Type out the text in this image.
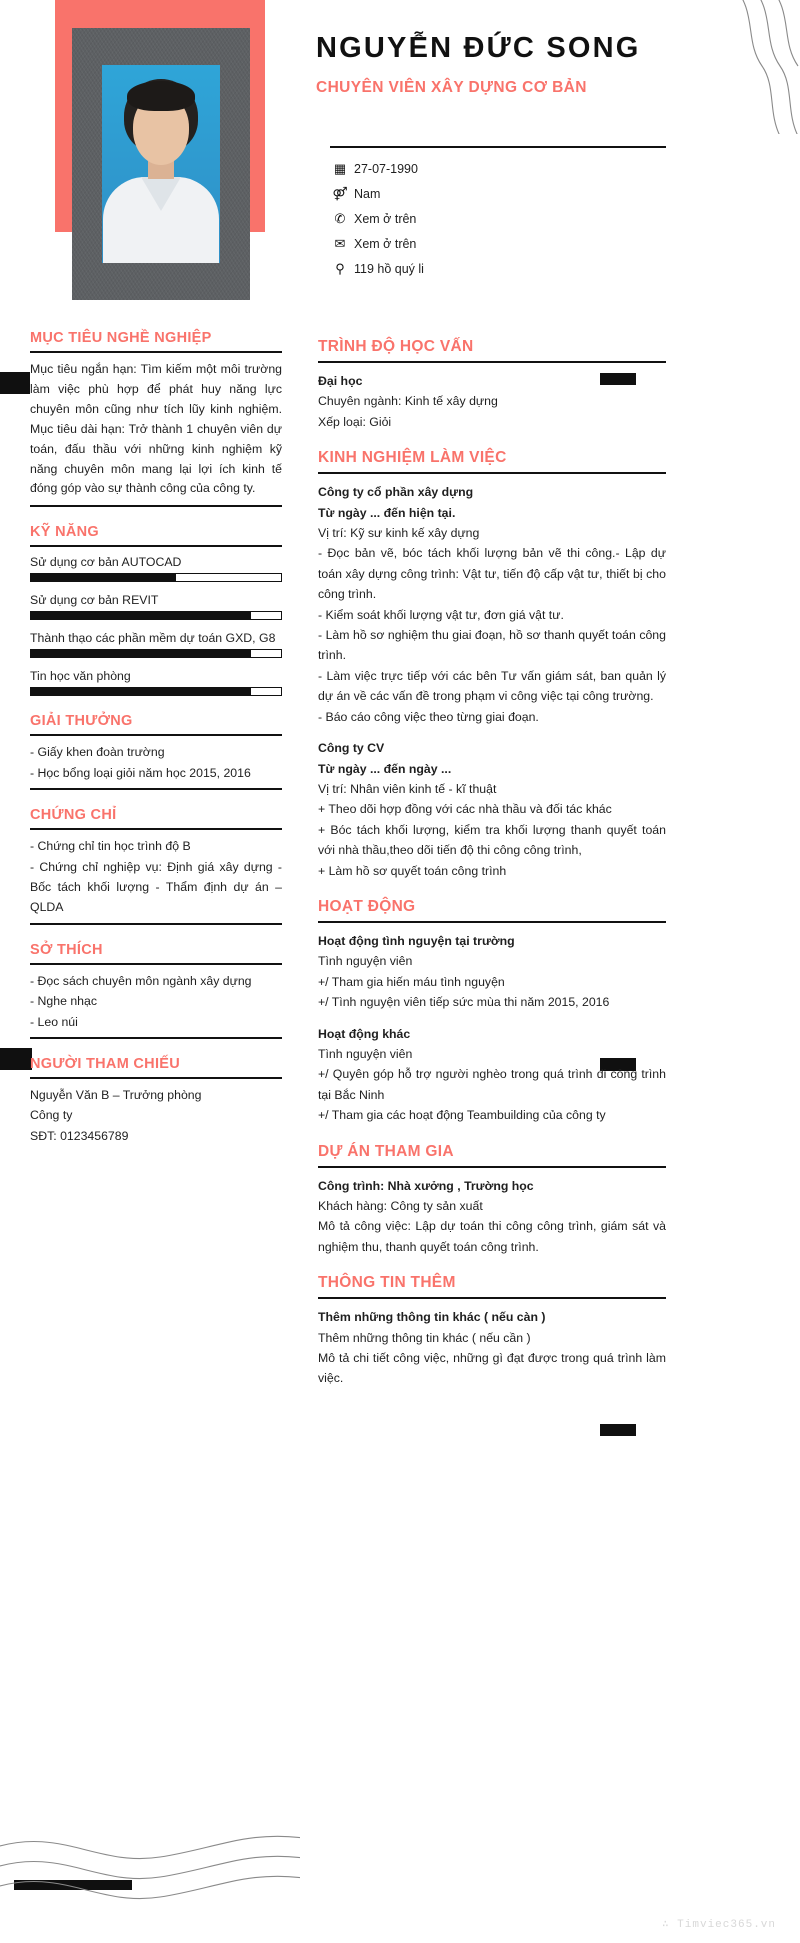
NGUYỄN ĐỨC SONG
CHUYÊN VIÊN XÂY DỰNG CƠ BẢN
▦ 27-07-1990
⚤ Nam
✆ Xem ở trên
✉ Xem ở trên
⚲ 119 hồ quý li
MỤC TIÊU NGHỀ NGHIỆP
Mục tiêu ngắn hạn: Tìm kiếm một môi trường làm việc phù hợp để phát huy năng lực chuyên môn cũng như tích lũy kinh nghiệm. Mục tiêu dài hạn: Trở thành 1 chuyên viên dự toán, đấu thầu với những kinh nghiệm kỹ năng chuyên môn mang lại lợi ích kinh tế đóng góp vào sự thành công của công ty.
KỸ NĂNG
Sử dụng cơ bản AUTOCAD
Sử dụng cơ bản REVIT
Thành thạo các phần mềm dự toán GXD, G8
Tin học văn phòng
GIẢI THƯỞNG
- Giấy khen đoàn trường
- Học bổng loại giỏi năm học 2015, 2016
CHỨNG CHỈ
- Chứng chỉ tin học trình độ B
- Chứng chỉ nghiệp vụ: Định giá xây dựng - Bốc tách khối lượng - Thẩm định dự án – QLDA
SỞ THÍCH
- Đọc sách chuyên môn ngành xây dựng
- Nghe nhạc
- Leo núi
NGƯỜI THAM CHIẾU
Nguyễn Văn B – Trưởng phòng
Công ty
SĐT: 0123456789
TRÌNH ĐỘ HỌC VẤN

Đại học

Chuyên ngành: Kinh tế xây dựng

Xếp loại: Giỏi

KINH NGHIỆM LÀM VIỆC

Công ty cổ phần xây dựng

Từ ngày ... đến hiện tại.

Vị trí: Kỹ sư kinh kế xây dựng

- Đọc bản vẽ, bóc tách khối lượng bản vẽ thi công.- Lập dự toán xây dựng công trình: Vật tư, tiến độ cấp vật tư, thiết bị cho công trình.

- Kiểm soát khối lượng vật tư, đơn giá vật tư.

- Làm hồ sơ nghiệm thu giai đoạn, hồ sơ thanh quyết toán công trình.

- Làm việc trực tiếp với các bên Tư vấn giám sát, ban quản lý dự án về các vấn đề trong phạm vi công việc tại công trường.

- Báo cáo công việc theo từng giai đoạn.

Công ty CV

Từ ngày ... đến ngày ...

Vị trí: Nhân viên kinh tế - kĩ thuật

+ Theo dõi hợp đồng với các nhà thầu và đối tác khác

+ Bóc tách khối lượng, kiểm tra khối lượng thanh quyết toán với nhà thầu,theo dõi tiến độ thi công công trình,

+ Làm hồ sơ quyết toán công trình

HOẠT ĐỘNG

Hoạt động tình nguyện tại trường

Tình nguyện viên

+/ Tham gia hiến máu tình nguyện

+/ Tình nguyện viên tiếp sức mùa thi năm 2015, 2016

Hoạt động khác

Tình nguyện viên

+/ Quyên góp hỗ trợ người nghèo trong quá trình đi công trình tại Bắc Ninh

+/ Tham gia các hoạt động Teambuilding của công ty

DỰ ÁN THAM GIA

Công trình: Nhà xưởng , Trường học

Khách hàng: Công ty sản xuất

Mô tả công việc: Lập dự toán thi công công trình, giám sát và nghiệm thu, thanh quyết toán công trình.

THÔNG TIN THÊM

Thêm những thông tin khác ( nếu càn )

Thêm những thông tin khác ( nếu cần )

Mô tả chi tiết công việc, những gì đạt được trong quá trình làm việc.

∴ Timviec365.vn
